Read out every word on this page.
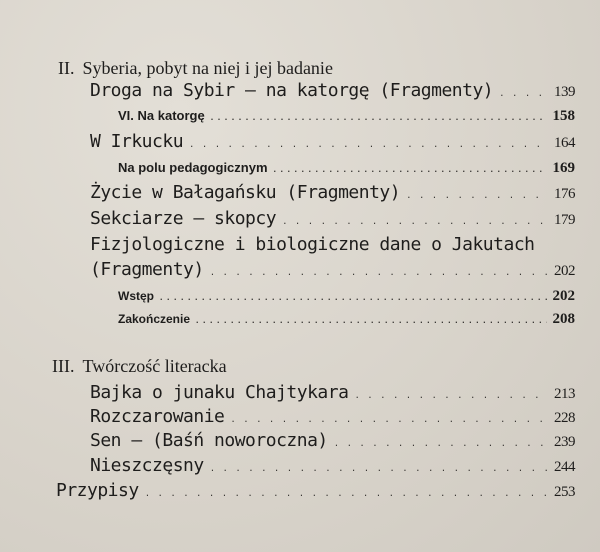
II. Syberia, pobyt na niej i jej badanie
Droga na Sybir — na katorgę (Fragmenty) . . .	139
VI. Na katorgę . . .	158
W Irkucku . . .	164
Na polu pedagogicznym . . .	169
Życie w Bałagańsku (Fragmenty) . . .	176
Sekciarze — skopcy . . .	179
Fizjologiczne i biologiczne dane o Jakutach
(Fragmenty) . . .	202
Wstęp . . .	202
Zakończenie . . .	208
III. Twórczość literacka
Bajka o junaku Chajtykara . . .	213
Rozczarowanie . . .	228
Sen — (Baśń noworoczna) . . .	239
Nieszczęsny . . .	244
Przypisy . . .	253
